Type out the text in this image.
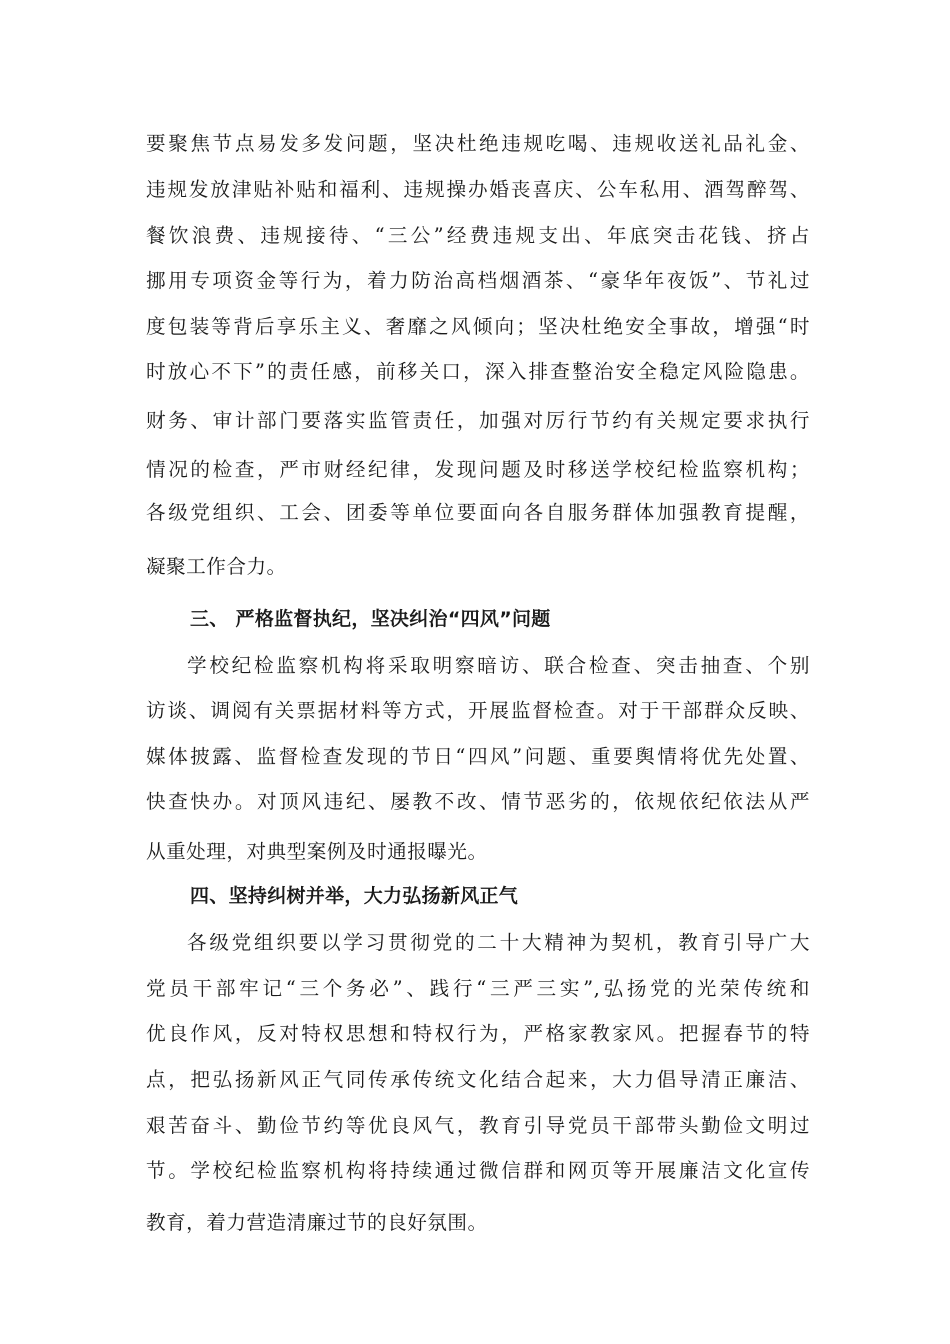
要聚焦节点易发多发问题，坚决杜绝违规吃喝、违规收送礼品礼金、
违规发放津贴补贴和福利、违规操办婚丧喜庆、公车私用、酒驾醉驾、
餐饮浪费、违规接待、“三公”经费违规支出、年底突击花钱、挤占
挪用专项资金等行为，着力防治高档烟酒茶、“豪华年夜饭”、节礼过
度包装等背后享乐主义、奢靡之风倾向；坚决杜绝安全事故，增强“时
时放心不下”的责任感，前移关口，深入排查整治安全稳定风险隐患。
财务、审计部门要落实监管责任，加强对厉行节约有关规定要求执行
情况的检查，严市财经纪律，发现问题及时移送学校纪检监察机构；
各级党组织、工会、团委等单位要面向各自服务群体加强教育提醒，
凝聚工作合力。
三、 严格监督执纪，坚决纠治“四风”问题
学校纪检监察机构将采取明察暗访、联合检查、突击抽查、个别
访谈、调阅有关票据材料等方式，开展监督检查。对于干部群众反映、
媒体披露、监督检查发现的节日“四风”问题、重要舆情将优先处置、
快查快办。对顶风违纪、屡教不改、情节恶劣的，依规依纪依法从严
从重处理，对典型案例及时通报曝光。
四、坚持纠树并举，大力弘扬新风正气
各级党组织要以学习贯彻党的二十大精神为契机，教育引导广大
党员干部牢记“三个务必”、践行“三严三实”,弘扬党的光荣传统和
优良作风，反对特权思想和特权行为，严格家教家风。把握春节的特
点，把弘扬新风正气同传承传统文化结合起来，大力倡导清正廉洁、
艰苦奋斗、勤俭节约等优良风气，教育引导党员干部带头勤俭文明过
节。学校纪检监察机构将持续通过微信群和网页等开展廉洁文化宣传
教育，着力营造清廉过节的良好氛围。
